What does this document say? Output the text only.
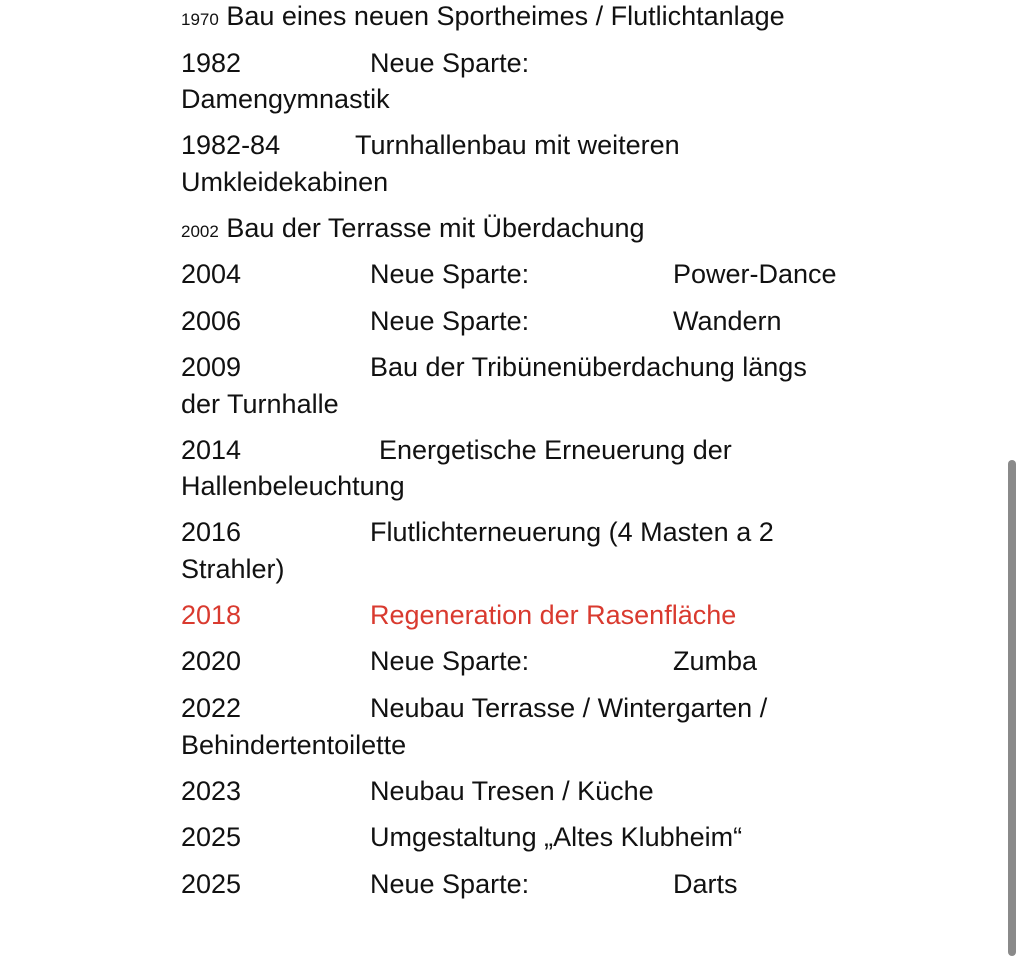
1970 Bau eines neuen Sportheimes / Flutlichtanlage
1982	Neue Sparte:
Damengymnastik
1982-84	Turnhallenbau mit weiteren
Umkleidekabinen
2002 Bau der Terrasse mit Überdachung
2004	Neue Sparte:	Power-Dance
2006	Neue Sparte:	Wandern
2009	Bau der Tribünenüberdachung längs
der Turnhalle
2014	Energetische Erneuerung der
Hallenbeleuchtung
2016	Flutlichterneuerung (4 Masten a 2
Strahler)
2018	Regeneration der Rasenfläche
2020	Neue Sparte:	Zumba
2022	Neubau Terrasse / Wintergarten /
Behindertentoilette
2023	Neubau Tresen / Küche
2025	Umgestaltung „Altes Klubheim“
2025	Neue Sparte:	Darts
